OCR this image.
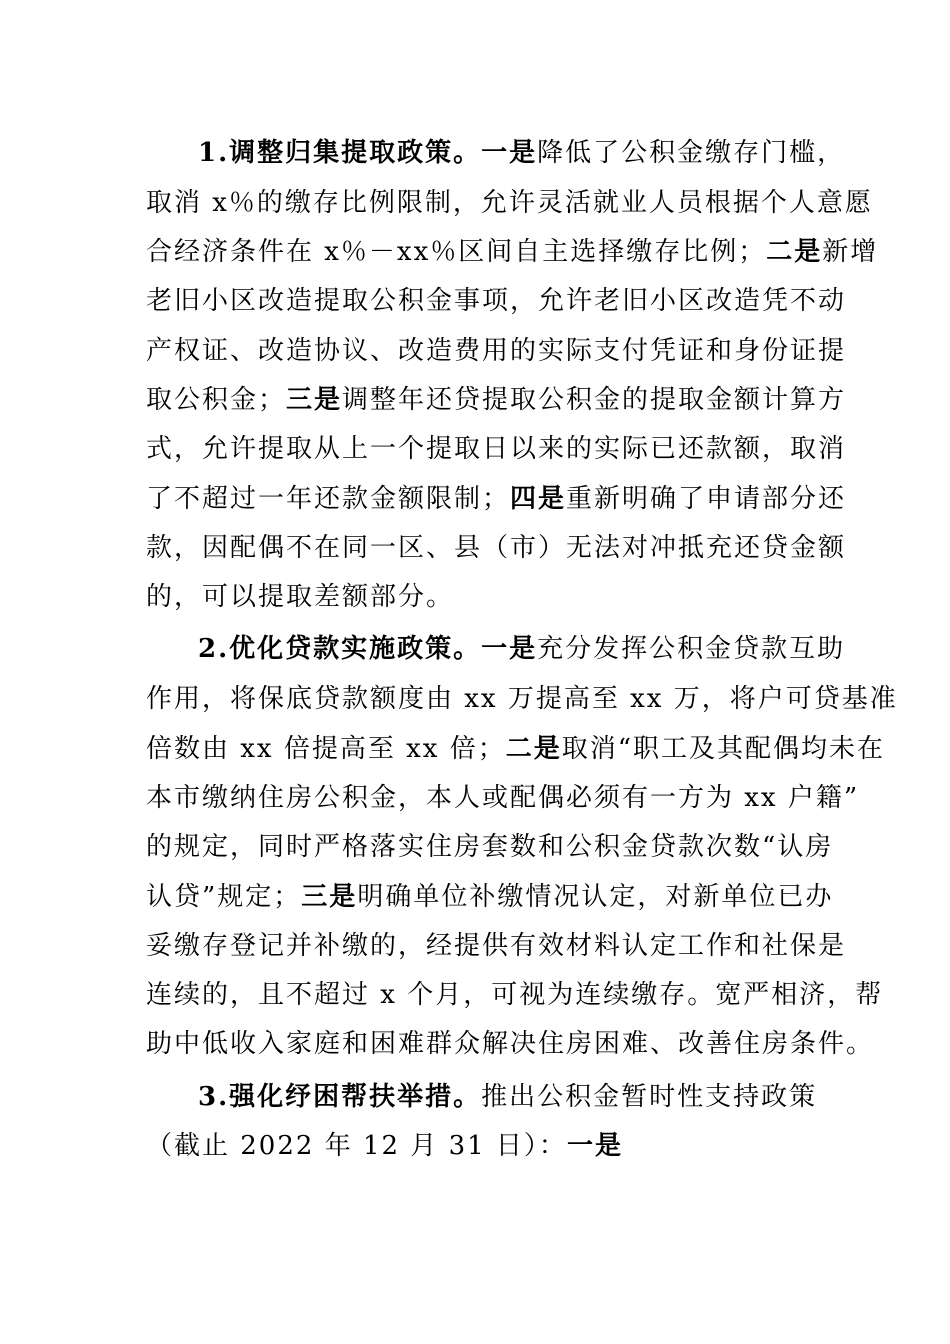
1.调整归集提取政策。一是降低了公积金缴存门槛，
取消 x％的缴存比例限制，允许灵活就业人员根据个人意愿
合经济条件在 x％－xx％区间自主选择缴存比例；二是新增
老旧小区改造提取公积金事项，允许老旧小区改造凭不动
产权证、改造协议、改造费用的实际支付凭证和身份证提
取公积金；三是调整年还贷提取公积金的提取金额计算方
式，允许提取从上一个提取日以来的实际已还款额，取消
了不超过一年还款金额限制；四是重新明确了申请部分还
款，因配偶不在同一区、县（市）无法对冲抵充还贷金额
的，可以提取差额部分。
2.优化贷款实施政策。一是充分发挥公积金贷款互助
作用，将保底贷款额度由 xx 万提高至 xx 万，将户可贷基准
倍数由 xx 倍提高至 xx 倍；二是取消“职工及其配偶均未在
本市缴纳住房公积金，本人或配偶必须有一方为 xx 户籍”
的规定，同时严格落实住房套数和公积金贷款次数“认房
认贷”规定；三是明确单位补缴情况认定，对新单位已办
妥缴存登记并补缴的，经提供有效材料认定工作和社保是
连续的，且不超过 x 个月，可视为连续缴存。宽严相济，帮
助中低收入家庭和困难群众解决住房困难、改善住房条件。
3.强化纾困帮扶举措。推出公积金暂时性支持政策
（截止 2022 年 12 月 31 日）：一是
